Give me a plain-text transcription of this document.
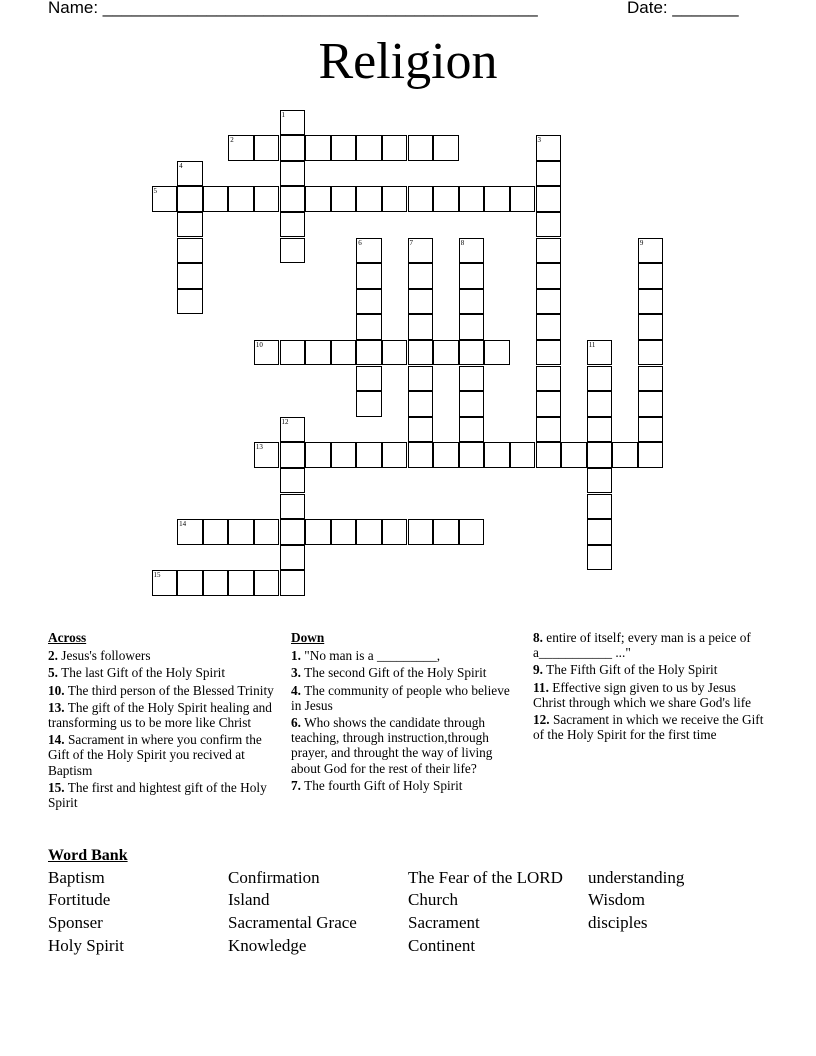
Name: ______________________________________________	Date: _______
Religion
1
2	3
4
5
6	7	8	9
10	11
12
13
14
15
Across
2. Jesus's followers
5. The last Gift of the Holy Spirit
10. The third person of the Blessed Trinity
13. The gift of the Holy Spirit healing and transforming us to be more like Christ
14. Sacrament in where you confirm the Gift of the Holy Spirit you recived at Baptism
15. The first and hightest gift of the Holy Spirit
Down
1. "No man is a _________,
3. The second Gift of the Holy Spirit
4. The community of people who believe in Jesus
6. Who shows the candidate through teaching, through instruction,through prayer, and throught the way of living about God for the rest of their life?
7. The fourth Gift of Holy Spirit
8. entire of itself; every man is a peice of a___________ ..."
9. The Fifth Gift of the Holy Spirit
11. Effective sign given to us by Jesus Christ through which we share God's life
12. Sacrament in which we receive the Gift of the Holy Spirit for the first time
Word Bank
Baptism
Fortitude
Sponser
Holy Spirit
Confirmation
Island
Sacramental Grace
Knowledge
The Fear of the LORD
Church
Sacrament
Continent
understanding
Wisdom
disciples
